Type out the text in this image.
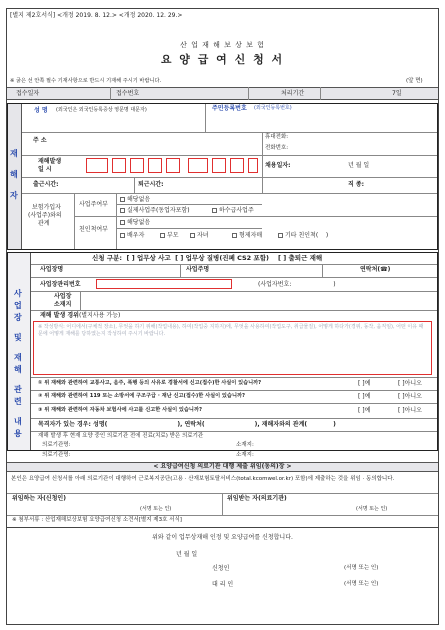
[별지 제2호서식] <개정 2019. 8. 12.> <개정 2020. 12. 29.>
산 업 재 해 보 상 보 험
요 양 급 여 신 청 서
※ 굵은 선 안쪽 필수 기재사항으로 반드시 기재해 주시기 바랍니다.	(앞 면)
접수일자	접수번호	처리기간	7일
재
해
자
성 명 (외국인은 외국인등록증상 영문명 대문자)	주민등록번호 (외국인등록번호)
주 소	휴대전화:
전화번호:
재해발생
일 시
채용일자:	년 월 일
출근시간:	퇴근시간:	직 종:
보험가입자
(사업주)와의
관계
사업주여부
해당없음
실제사업주(동업자포함)	하수급사업주
친인척여부
해당없음
배우자	부모	자녀	형제자매	기타 친인척(    )
사
업
장
및
재
해
관
련
내
용
신청 구분:  [ ] 업무상 사고  [ ] 업무상 질병(진폐 CS2 포함)    [ ] 출퇴근 재해
사업장명	사업주명	연락처(☎)
사업장관리번호	(사업자번호:                      )
사업장
소재지
재해 발생 경위(별지사용 가능)
※ 작성방식: 어디에서(구체적 장소), 무엇을 하기 위해(작업내용), 하여(작업중 지하지)에, 무엇을 사용하여(작업도구, 취급물질), 어떻게 하다가(경위, 동작, 움직임), 어떤 이유 때문에 어떻게 재해를 당하였는지 작성하여 주시기 바랍니다.
① 위 재해와 관련하여 교통사고, 음주, 폭행 등의 사유로 경찰서에 신고(접수)한 사실이 있습니까?	[ ]예	[ ]아니오
② 위 재해와 관련하여 119 또는 소방서에 구조구급 · 재난 신고(접수)한 사실이 있습니까?	[ ]예	[ ]아니오
③ 위 재해와 관련하여 자동차 보험사에 사고를 신고한 사실이 있습니까?	[ ]예	[ ]아니오
목격자가 있는 경우: 성명(	), 연락처(	), 재해자와의 관계(	)
재해 발생 후 현재 요양 중인 의료기관 전에 진료(치료) 받은 의료기관
의료기관명:	소재지:
의료기관명:	소재지:
< 요양급여신청 의료기관 대행 제출 위임(동의)장 >
본인은 요양급여 신청서를 아래 의료기관이 대행하여 근로복지공단(고용 · 산재보험토탈서비스(total.kcomwel.or.kr) 포함)에 제출하는 것을 위임 · 동의합니다.
위임하는 자(신청인)
(서명 또는 인)
위임받는 자(의료기관)
(서명 또는 인)
※ 첨부서류 : 산업재해보상보험 요양급여신청 소견서[별지 제3호 서식]
위와 같이 업무상재해 인정 및 요양급여를 신청합니다.
년 월 일
신청인	(서명 또는 인)
대 리 인	(서명 또는 인)
